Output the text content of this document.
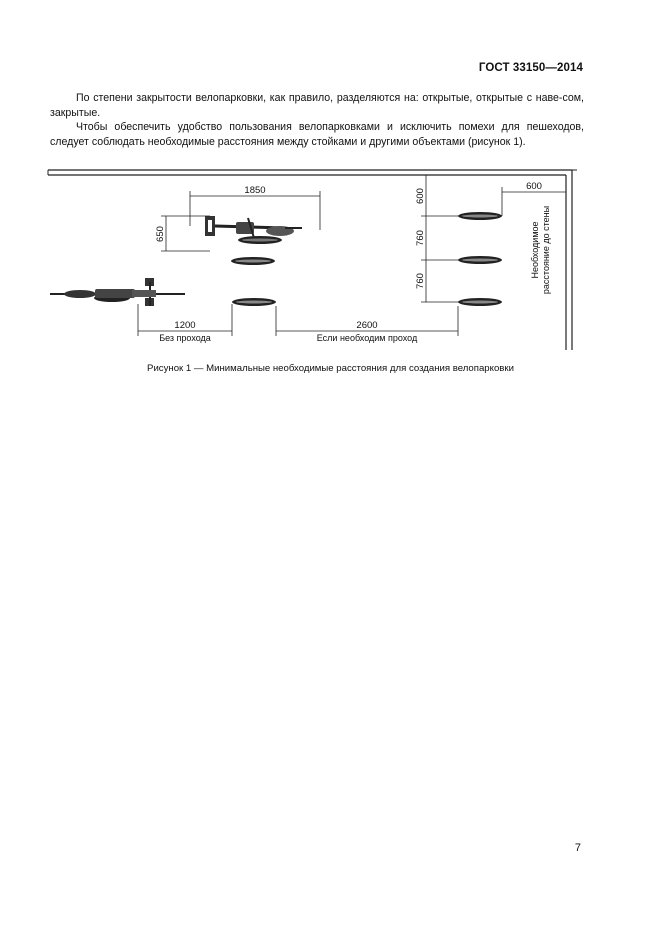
ГОСТ 33150—2014

По степени закрытости велопарковки, как правило, разделяются на: открытые, открытые с наве-сом, закрытые.

Чтобы обеспечить удобство пользования велопарковками и исключить помехи для пешеходов, следует соблюдать необходимые расстояния между стойками и другими объектами (рисунок 1).

1850
650
600
760
760
600
Необходимое расстояние до стены
1200
Без прохода
2600
Если необходим проход
Рисунок 1 — Минимальные необходимые расстояния для создания велопарковки
7
